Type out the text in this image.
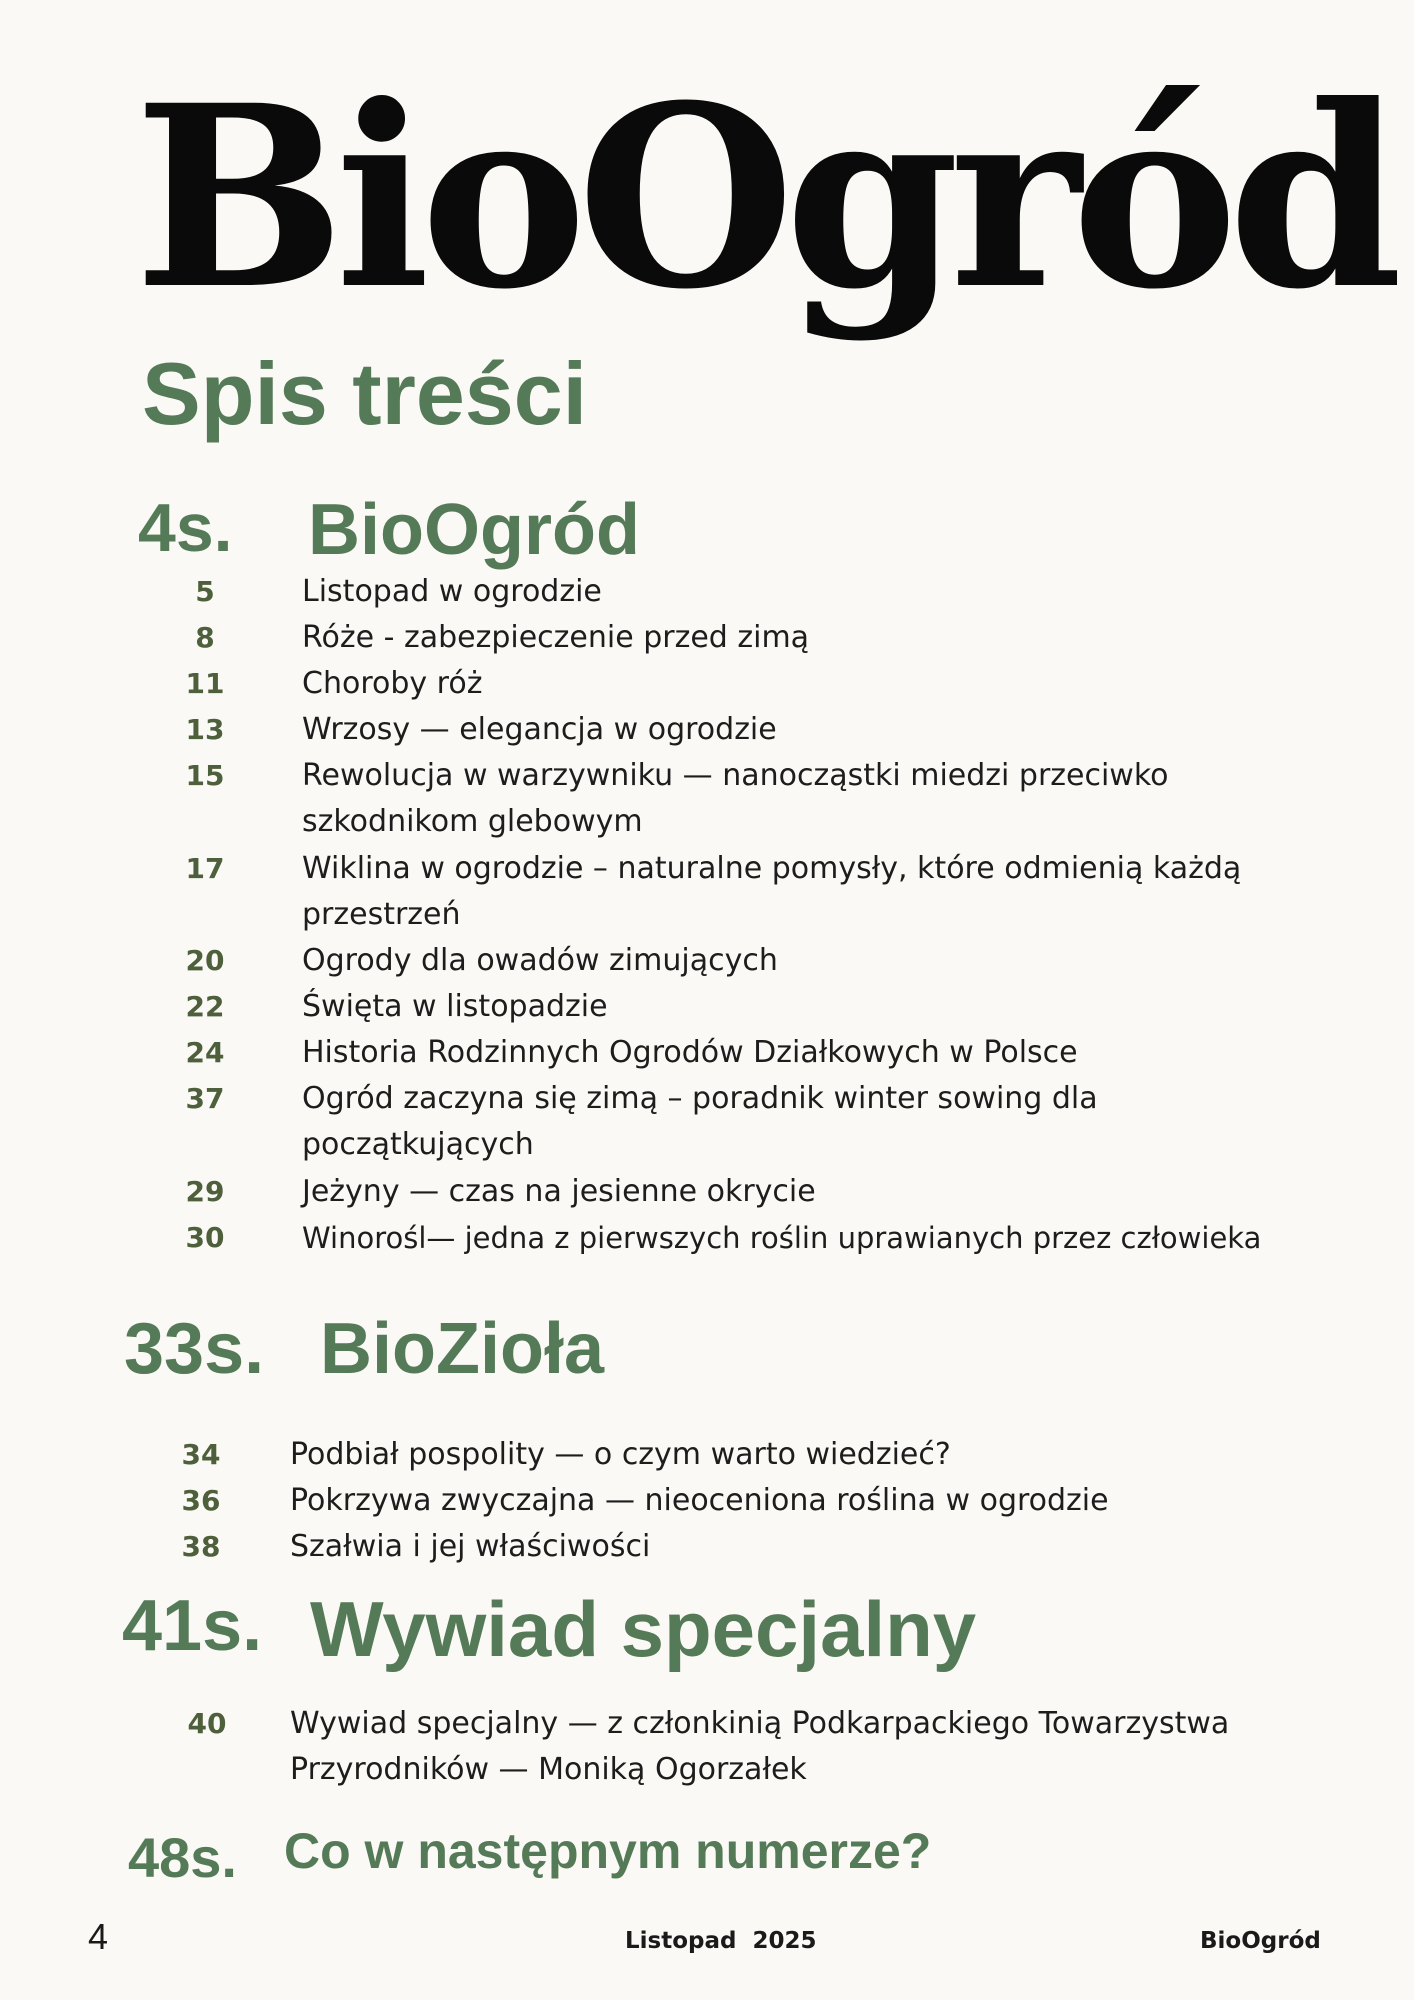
BioOgród
Spis treści
4s. BioOgród
5	Listopad w ogrodzie
8	Róże - zabezpieczenie przed zimą
11	Choroby róż
13	Wrzosy — elegancja w ogrodzie
15	Rewolucja w warzywniku — nanocząstki miedzi przeciwko szkodnikom glebowym
17	Wiklina w ogrodzie – naturalne pomysły, które odmienią każdą przestrzeń
20	Ogrody dla owadów zimujących
22	Święta w listopadzie
24	Historia Rodzinnych Ogrodów Działkowych w Polsce
37	Ogród zaczyna się zimą – poradnik winter sowing dla początkujących
29	Jeżyny — czas na jesienne okrycie
30	Winorośl— jedna z pierwszych roślin uprawianych przez człowieka
33s. BioZioła
34	Podbiał pospolity — o czym warto wiedzieć?
36	Pokrzywa zwyczajna — nieoceniona roślina w ogrodzie
38	Szałwia i jej właściwości
41s. Wywiad specjalny
40	Wywiad specjalny — z członkinią Podkarpackiego Towarzystwa Przyrodników — Moniką Ogorzałek
48s. Co w następnym numerze?
4	Listopad  2025	BioOgród
